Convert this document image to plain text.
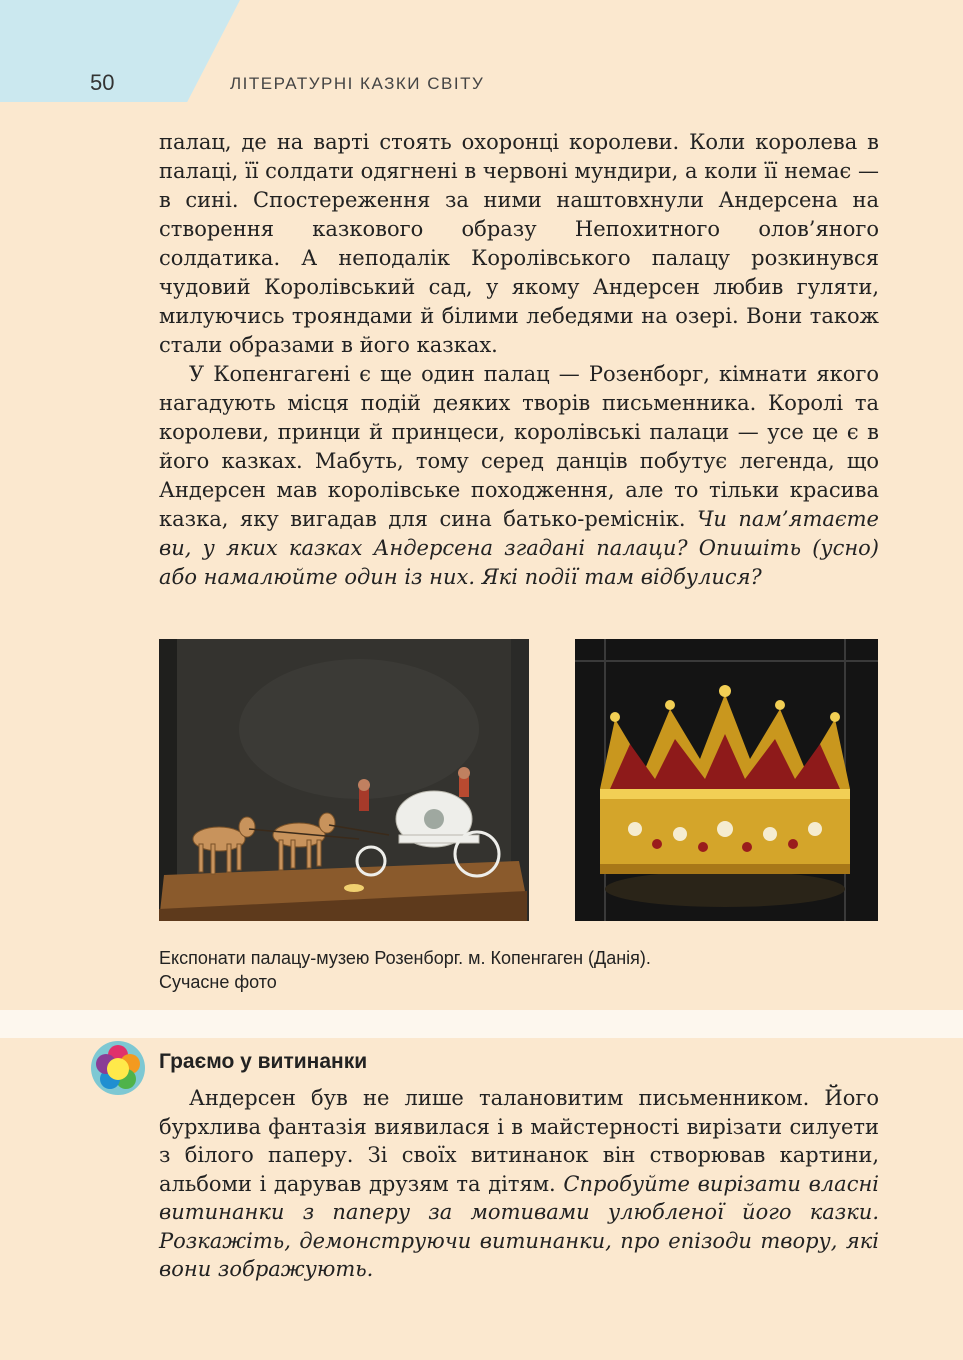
50	ЛІТЕРАТУРНІ КАЗКИ СВІТУ

палац, де на варті стоять охоронці королеви. Коли королева в палаці, її солдати одягнені в червоні мундири, а коли її немає — в сині. Спостереження за ними наштовхнули Андерсена на створення казкового образу Непохитного олов’яного солдатика. А неподалік Королівського палацу розкинувся чудовий Королівський сад, у якому Андерсен любив гуляти, милуючись трояндами й білими лебедями на озері. Вони також стали образами в його казках.

У Копенгагені є ще один палац — Розенборг, кімнати якого нагадують місця подій деяких творів письменника. Королі та королеви, принци й принцеси, королівські палаци — усе це є в його казках. Мабуть, тому серед данців побутує легенда, що Андерсен мав королівське походження, але то тільки красива казка, яку вигадав для сина батько-реміснік. Чи пам’ятаєте ви, у яких казках Андерсена згадані палаци? Опишіть (усно) або намалюйте один із них. Які події там відбулися?

Експонати палацу-музею Розенборг. м. Копенгаген (Данія).
Сучасне фото
Граємо у витинанки

Андерсен був не лише талановитим письменником. Його бурхлива фантазія виявилася і в майстерності вирізати силуети з білого паперу. Зі своїх витинанок він створював картини, альбоми і дарував друзям та дітям. Спробуйте вирізати власні витинанки з паперу за мотивами улюбленої його казки. Розкажіть, демонструючи витинанки, про епізоди твору, які вони зображують.
